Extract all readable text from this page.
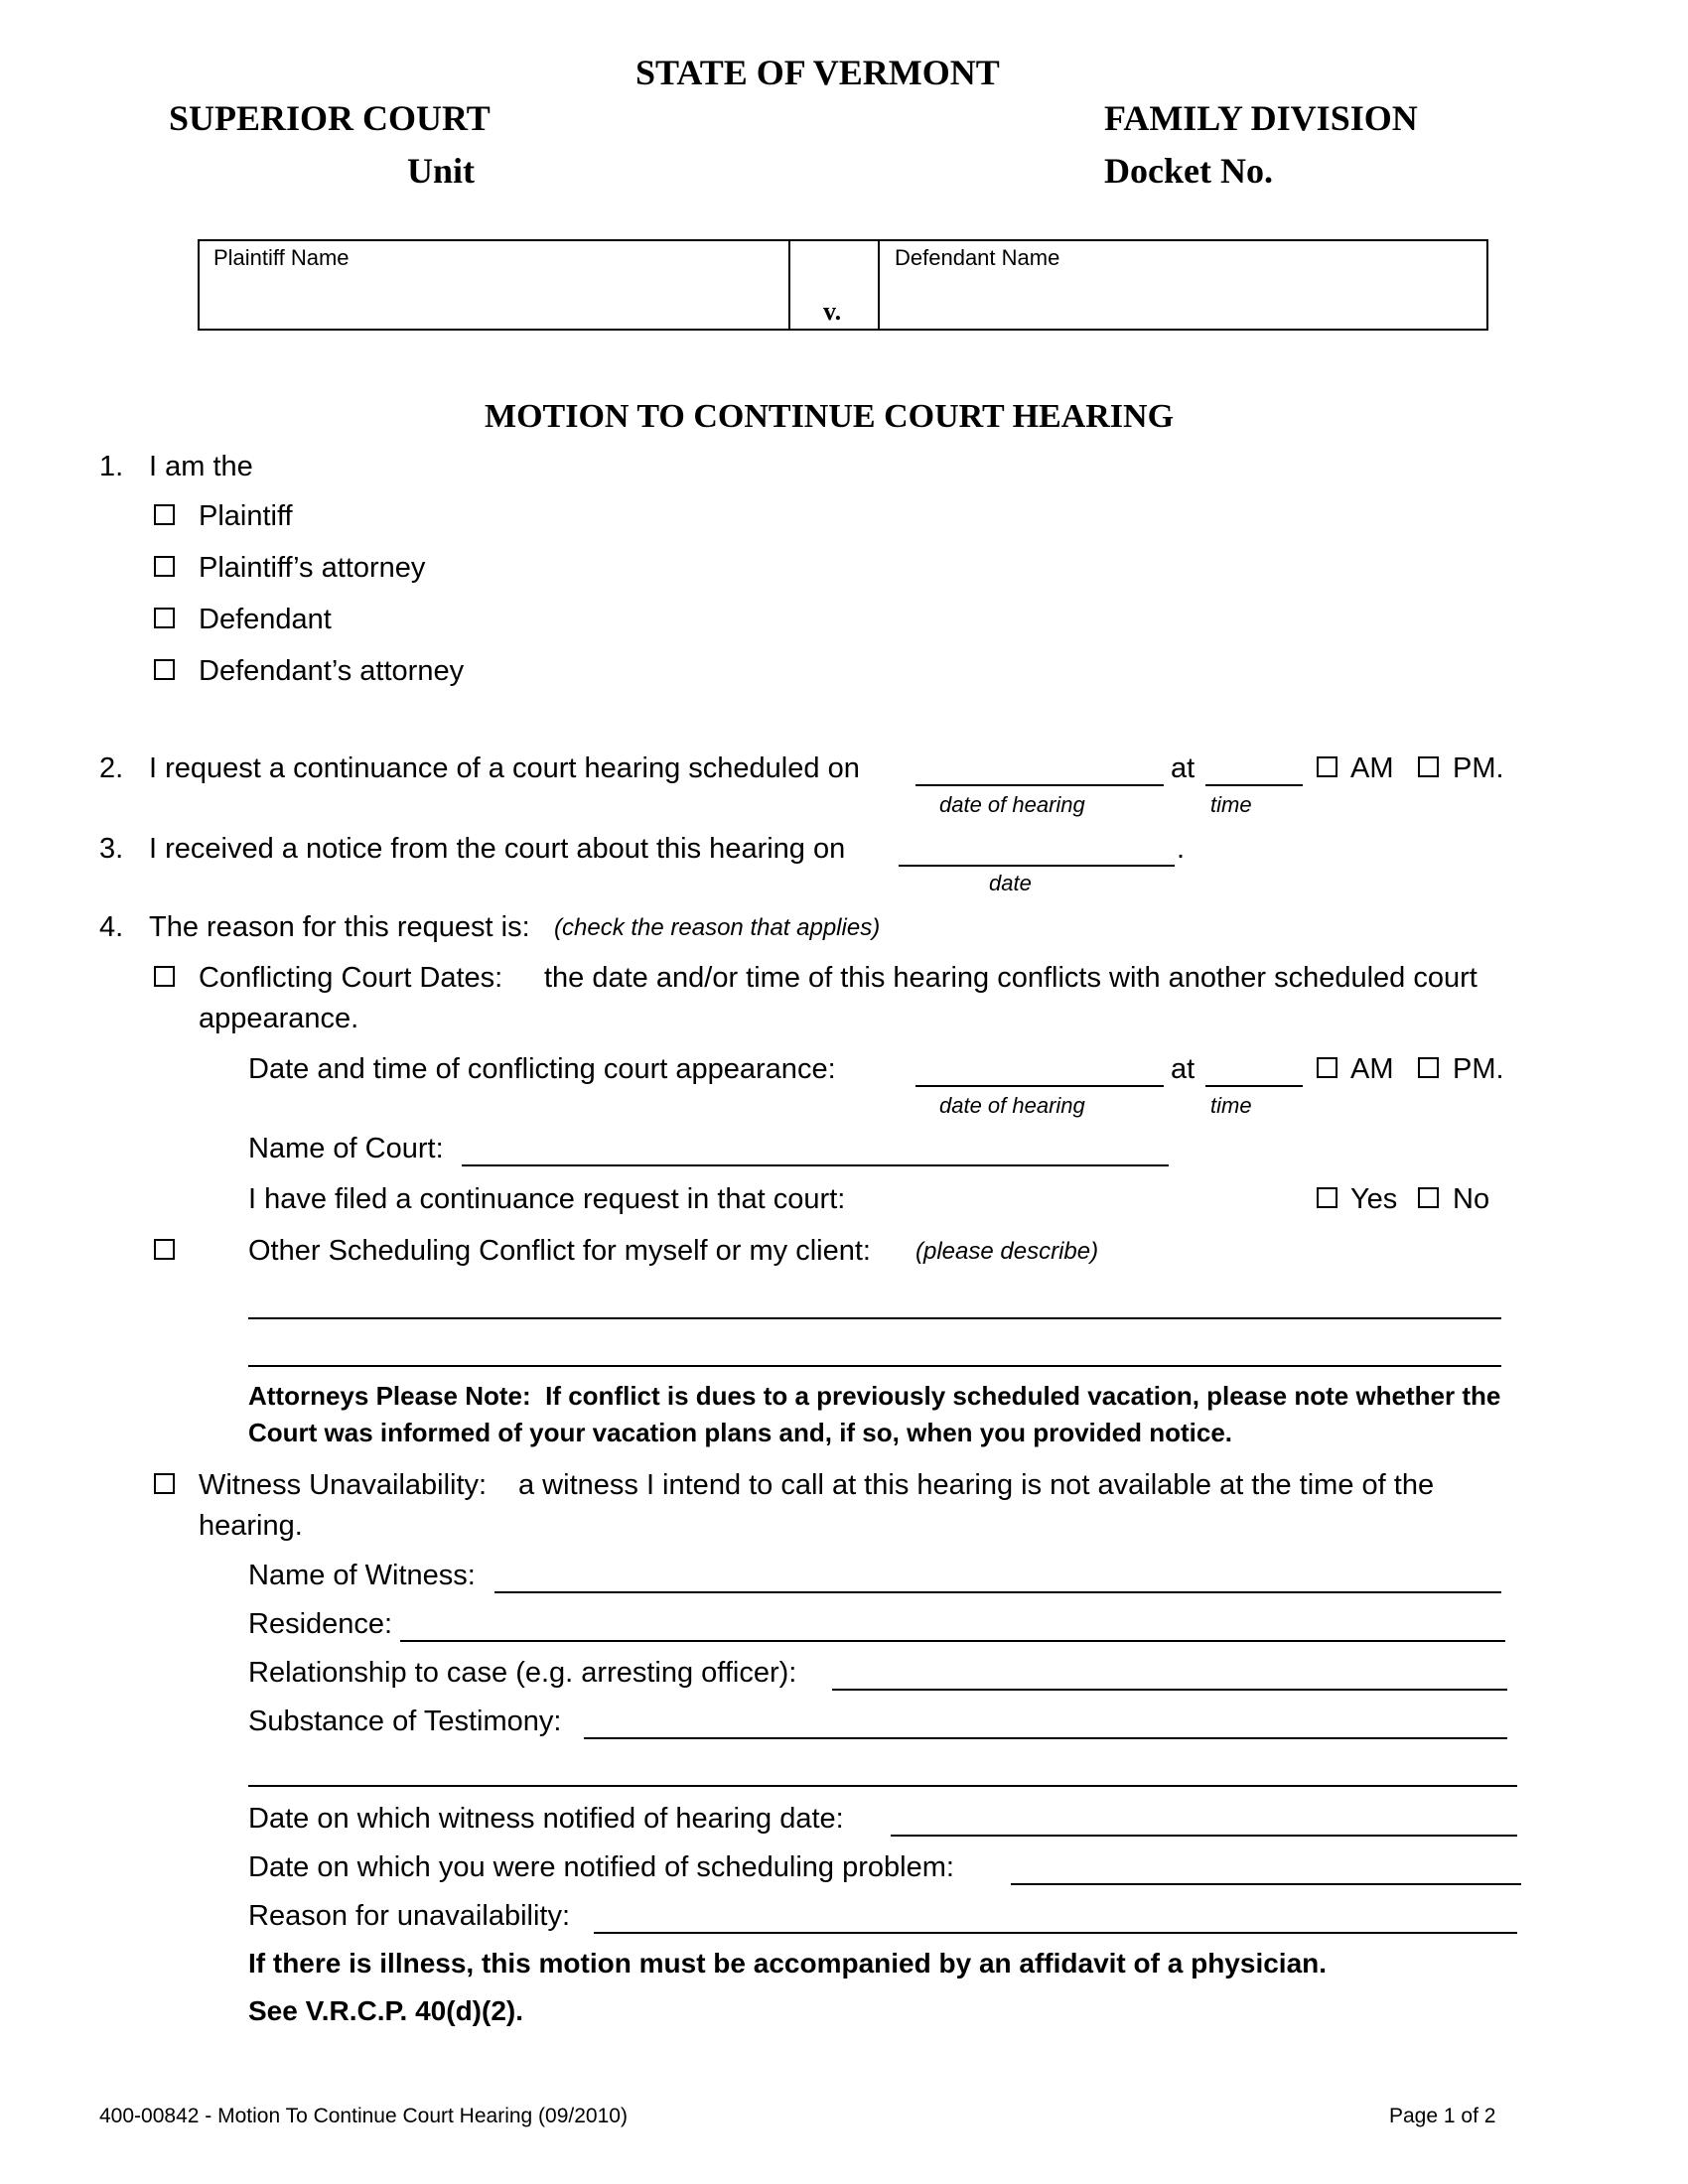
STATE OF VERMONT
SUPERIOR COURT
Unit
FAMILY DIVISION
Docket No.
Plaintiff Name
v.
Defendant Name
MOTION TO CONTINUE COURT HEARING
1. I am the
Plaintiff
Plaintiff’s attorney
Defendant
Defendant’s attorney
2. I request a continuance of a court hearing scheduled on	at	AM PM.
date of hearing	time
3. I received a notice from the court about this hearing on	.
date
4. The reason for this request is: (check the reason that applies)
Conflicting Court Dates: the date and/or time of this hearing conflicts with another scheduled court
appearance.
Date and time of conflicting court appearance:	at	AM PM.
date of hearing	time
Name of Court:
I have filed a continuance request in that court:	Yes No
Other Scheduling Conflict for myself or my client: (please describe)
Attorneys Please Note: If conflict is dues to a previously scheduled vacation, please note whether the
Court was informed of your vacation plans and, if so, when you provided notice.
Witness Unavailability: a witness I intend to call at this hearing is not available at the time of the
hearing.
Name of Witness:
Residence:
Relationship to case (e.g. arresting officer):
Substance of Testimony:
Date on which witness notified of hearing date:
Date on which you were notified of scheduling problem:
Reason for unavailability:
If there is illness, this motion must be accompanied by an affidavit of a physician.
See V.R.C.P. 40(d)(2).
400-00842 - Motion To Continue Court Hearing (09/2010)	Page 1 of 2
